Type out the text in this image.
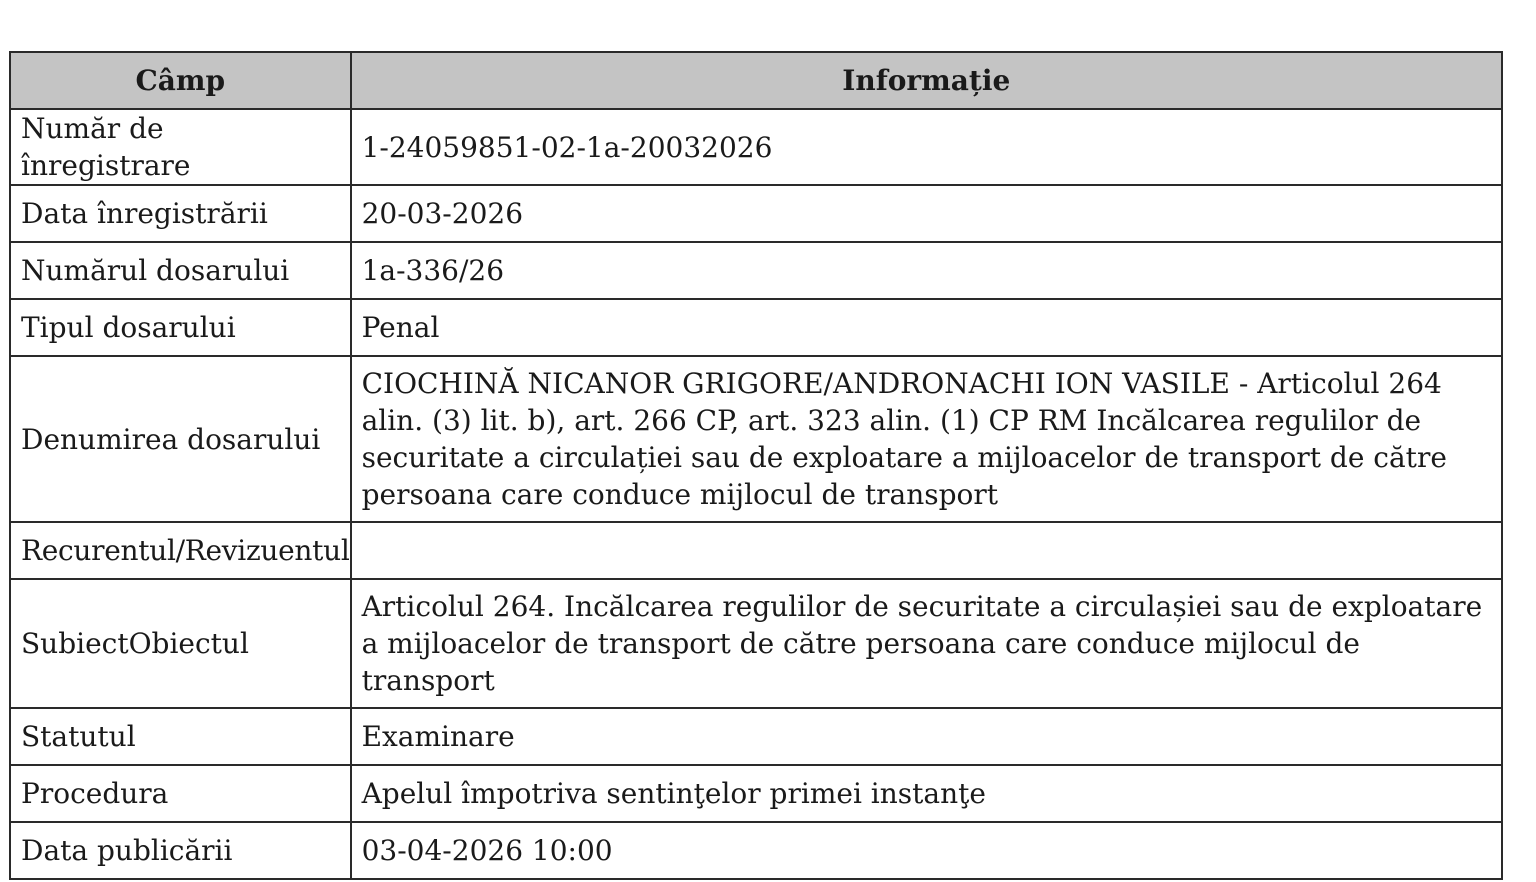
Câmp	Informație
Număr de înregistrare	1-24059851-02-1a-20032026
Data înregistrării	20-03-2026
Numărul dosarului	1a-336/26
Tipul dosarului	Penal
Denumirea dosarului	CIOCHINĂ NICANOR GRIGORE/ANDRONACHI ION VASILE - Articolul 264 alin. (3) lit. b), art. 266 CP, art. 323 alin. (1) CP RM Incălcarea regulilor de securitate a circulației sau de exploatare a mijloacelor de transport de către persoana care conduce mijlocul de transport
Recurentul/Revizuentul	
SubiectObiectul	Articolul 264. Incălcarea regulilor de securitate a circulașiei sau de exploatare a mijloacelor de transport de către persoana care conduce mijlocul de transport
Statutul	Examinare
Procedura	Apelul împotriva sentinţelor primei instanţe
Data publicării	03-04-2026 10:00
